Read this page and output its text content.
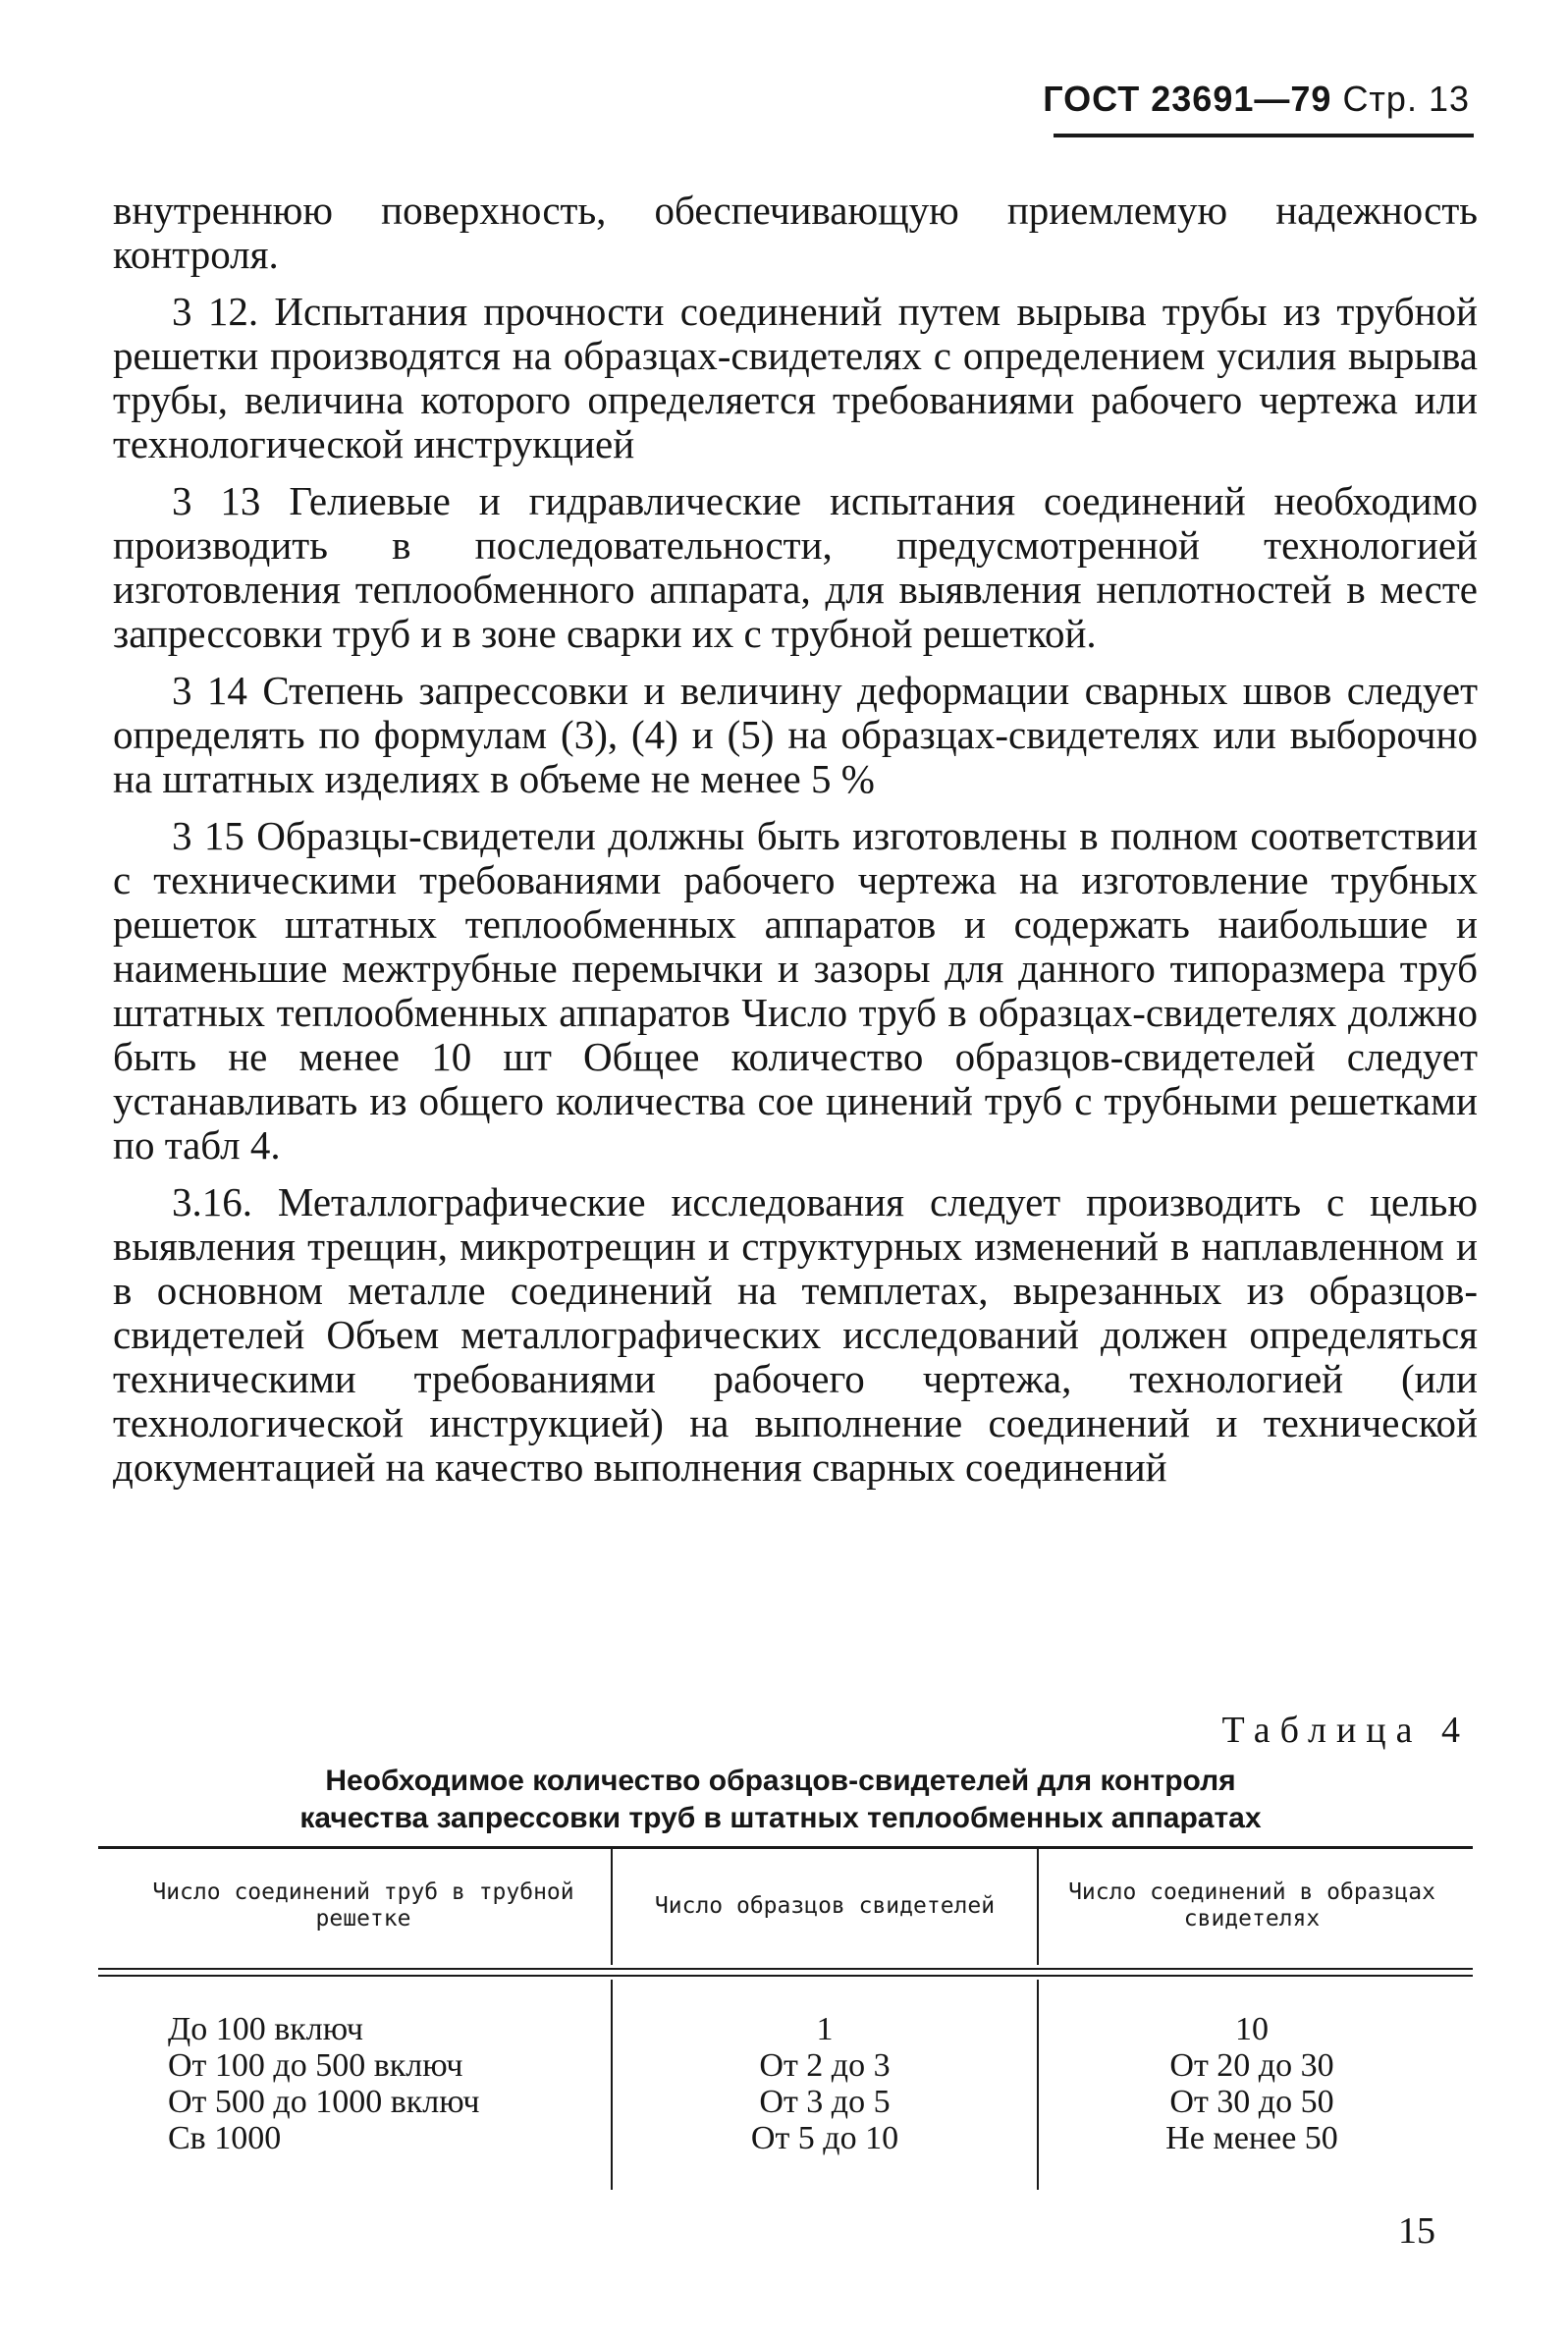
ГОСТ 23691—79 Стр. 13

внутреннюю поверхность, обеспечивающую приемлемую надежность контроля.

3 12. Испытания прочности соединений путем вырыва трубы из трубной решетки производятся на образцах-свидетелях с определением усилия вырыва трубы, величина которого определяется требованиями рабочего чертежа или технологической инструкцией

3 13 Гелиевые и гидравлические испытания соединений необходимо производить в последовательности, предусмотренной технологией изготовления теплообменного аппарата, для выявления неплотностей в месте запрессовки труб и в зоне сварки их с трубной решеткой.

3 14 Степень запрессовки и величину деформации сварных швов следует определять по формулам (3), (4) и (5) на образцах-свидетелях или выборочно на штатных изделиях в объеме не менее 5 %

3 15 Образцы-свидетели должны быть изготовлены в полном соответствии с техническими требованиями рабочего чертежа на изготовление трубных решеток штатных теплообменных аппаратов и содержать наибольшие и наименьшие межтрубные перемычки и зазоры для данного типоразмера труб штатных теплообменных аппаратов Число труб в образцах-свидетелях должно быть не менее 10 шт Общее количество образцов-свидетелей следует устанавливать из общего количества сое цинений труб с трубными решетками по табл 4.

3.16. Металлографические исследования следует производить с целью выявления трещин, микротрещин и структурных изменений в наплавленном и в основном металле соединений на темплетах, вырезанных из образцов-свидетелей Объем металлографических исследований должен определяться техническими требованиями рабочего чертежа, технологией (или технологической инструкцией) на выполнение соединений и технической документацией на качество выполнения сварных соединений

Таблица 4
Необходимое количество образцов-свидетелей для контроля
качества запрессовки труб в штатных теплообменных аппаратах
Число соединений труб в трубной решетке
Число образцов свидетелей
Число соединений в образцах свидетелях
До 100 включ
От 100 до 500 включ
От 500 до 1000 включ
Св 1000
1
От 2 до 3
От 3 до 5
От 5 до 10
10
От 20 до 30
От 30 до 50
Не менее 50
15
